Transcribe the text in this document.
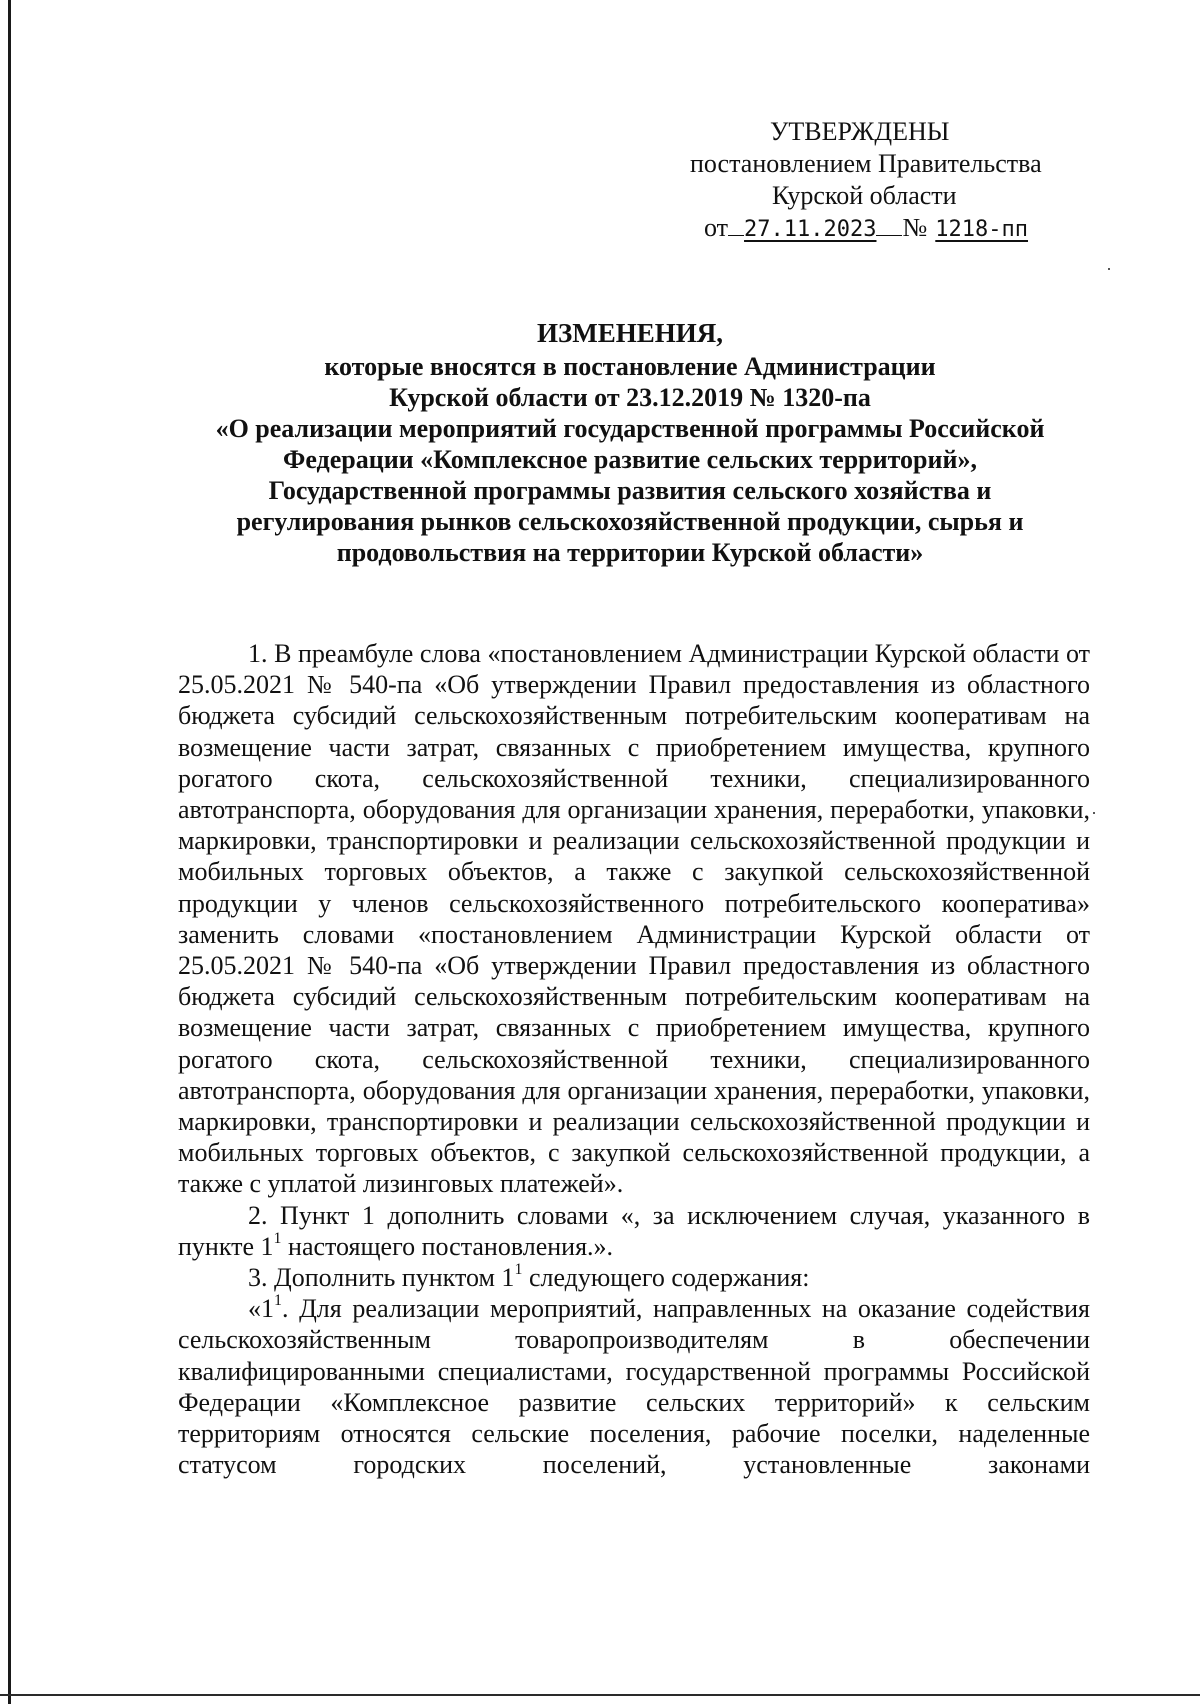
УТВЕРЖДЕНЫ
постановлением Правительства
Курской области
от 27.11.2023 № 1218-пп
ИЗМЕНЕНИЯ,
которые вносятся в постановление Администрации
Курской области от 23.12.2019 № 1320-па
«О реализации мероприятий государственной программы Российской
Федерации «Комплексное развитие сельских территорий»,
Государственной программы развития сельского хозяйства и
регулирования рынков сельскохозяйственной продукции, сырья и
продовольствия на территории Курской области»

1. В преамбуле слова «постановлением Администрации Курской области от 25.05.2021 № 540-па «Об утверждении Правил предоставления из областного бюджета субсидий сельскохозяйственным потребительским кооперативам на возмещение части затрат, связанных с приобретением имущества, крупного рогатого скота, сельскохозяйственной техники, специализированного автотранспорта, оборудования для организации хранения, переработки, упаковки, маркировки, транспортировки и реализации сельскохозяйственной продукции и мобильных торговых объектов, а также с закупкой сельскохозяйственной продукции у членов сельскохозяйственного потребительского кооператива» заменить словами «постановлением Администрации Курской области от 25.05.2021 № 540-па «Об утверждении Правил предоставления из областного бюджета субсидий сельскохозяйственным потребительским кооперативам на возмещение части затрат, связанных с приобретением имущества, крупного рогатого скота, сельскохозяйственной техники, специализированного автотранспорта, оборудования для организации хранения, переработки, упаковки, маркировки, транспортировки и реализации сельскохозяйственной продукции и мобильных торговых объектов, с закупкой сельскохозяйственной продукции, а также с уплатой лизинговых платежей».

2. Пункт 1 дополнить словами «, за исключением случая, указанного в пункте $1^1$ настоящего постановления.».

3. Дополнить пунктом $1^1$ следующего содержания:

«$1^1$. Для реализации мероприятий, направленных на оказание содействия сельскохозяйственным товаропроизводителям в обеспечении квалифицированными специалистами, государственной программы Российской Федерации «Комплексное развитие сельских территорий» к сельским территориям относятся сельские поселения, рабочие поселки, наделенные статусом городских поселений, установленные законами
